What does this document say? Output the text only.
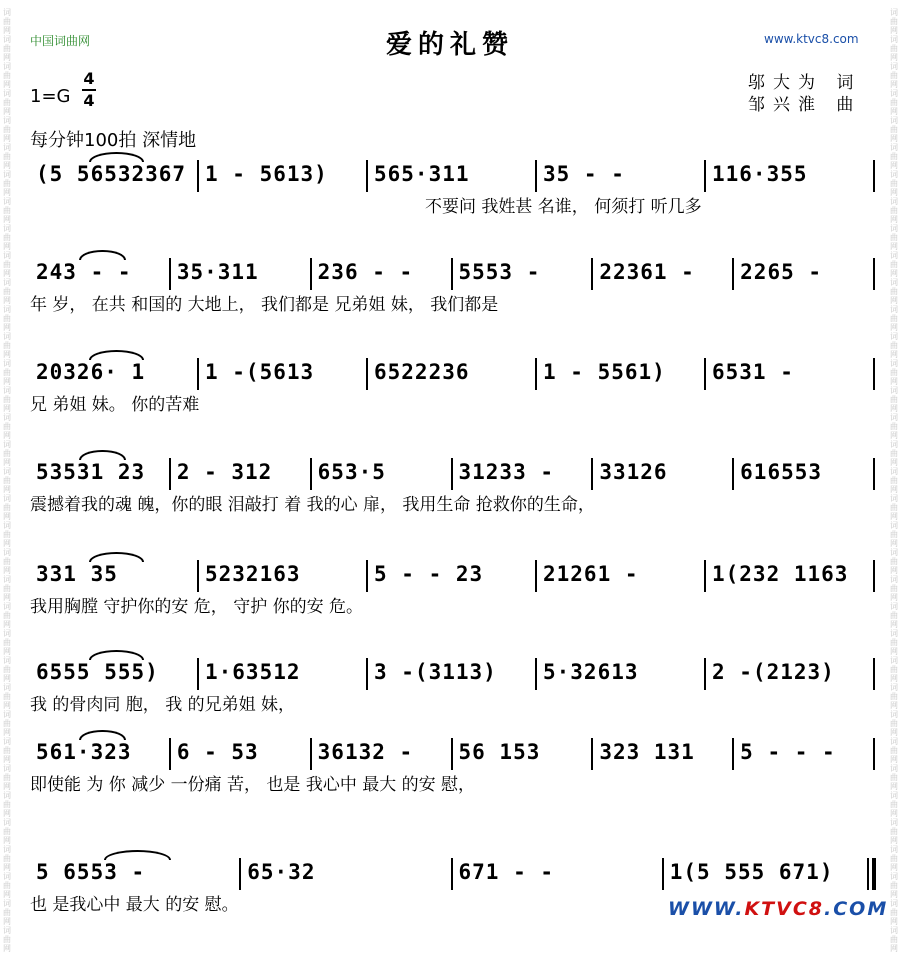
词曲网
词曲网
词曲网
词曲网
词曲网
词曲网
词曲网
词曲网
词曲网
词曲网
词曲网
词曲网
词曲网
词曲网
词曲网
词曲网
词曲网
词曲网
词曲网
词曲网
词曲网
词曲网
词曲网
词曲网
词曲网
词曲网
词曲网
词曲网
词曲网
词曲网
词曲网
词曲网
词曲网
词曲网
词曲网
词曲网
词曲网
词曲网
词曲网
词曲网
词曲网
词曲网
词曲网
词曲网
词曲网
词曲网
词曲网
词曲网
词曲网
词曲网
词曲网
词曲网
词曲网
词曲网
词曲网
词曲网
词曲网
词曲网
词曲网
词曲网
词曲网
词曲网
词曲网
词曲网
词曲网
词曲网
词曲网
词曲网
词曲网
词曲网
中国词曲网	爱的礼赞	www.ktvc8.com
邬大为 词
邹兴淮 曲
1=G
4
4
每分钟100拍 深情地
(5 56532367 1 - 5613)	565·311	35 - -	116·355
不要问 我姓甚 名谁， 何须打 听几多
243 - -	35·311	236 - -	5553 -	22361 -	2265 -
年 岁， 在共 和国的 大地上， 我们都是 兄弟姐 妹， 我们都是
20326· 1	1 -(5613	6522236	1 - 5561)	6531 -
兄 弟姐 妹。 你的苦难
53531 23	2 - 312	653·5	31233 -	33126	616553
震撼着我的魂 魄，你的眼 泪敲打 着 我的心 扉， 我用生命 抢救你的生命，
331 35	5232163	5 - - 23	21261 -	1(232 1163
我用胸膛 守护你的安 危， 守护 你的安 危。
6555 555)	1·63512	3 -(3113)	5·32613	2 -(2123)
我 的骨肉同 胞， 我 的兄弟姐 妹，
561·323	6 - 53	36132 -	56 153	323 131	5 - - -
即使能 为 你 减少 一份痛 苦， 也是 我心中 最大 的安 慰，
5 6553 -	65·32	671 - -	1(5 555 671)
也 是我心中 最大 的安 慰。	WWW.KTVC8.COM
